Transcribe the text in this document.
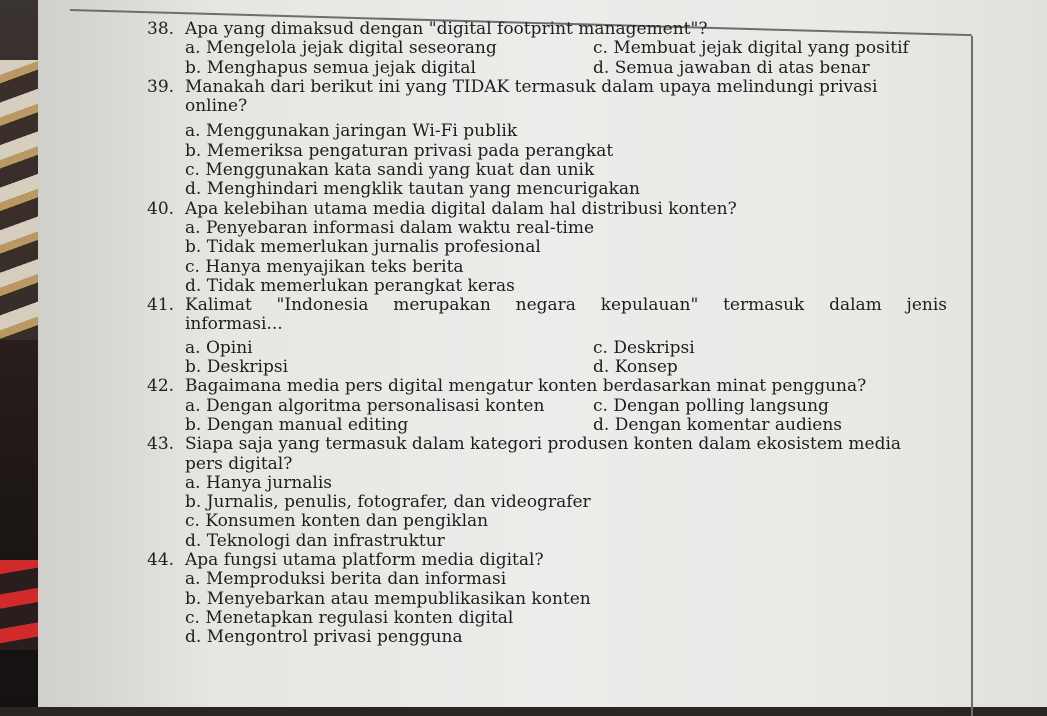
38. Apa yang dimaksud dengan "digital footprint management"?
a. Mengelola jejak digital seseorang	c. Membuat jejak digital yang positif
b. Menghapus semua jejak digital	d. Semua jawaban di atas benar
39. Manakah dari berikut ini yang TIDAK termasuk dalam upaya melindungi privasi
online?
a. Menggunakan jaringan Wi-Fi publik
b. Memeriksa pengaturan privasi pada perangkat
c. Menggunakan kata sandi yang kuat dan unik
d. Menghindari mengklik tautan yang mencurigakan
40. Apa kelebihan utama media digital dalam hal distribusi konten?
a. Penyebaran informasi dalam waktu real-time
b. Tidak memerlukan jurnalis profesional
c. Hanya menyajikan teks berita
d. Tidak memerlukan perangkat keras
41. Kalimat "Indonesia merupakan negara kepulauan" termasuk dalam jenis
informasi...
a. Opini	c. Deskripsi
b. Deskripsi	d. Konsep
42. Bagaimana media pers digital mengatur konten berdasarkan minat pengguna?
a. Dengan algoritma personalisasi konten	c. Dengan polling langsung
b. Dengan manual editing	d. Dengan komentar audiens
43. Siapa saja yang termasuk dalam kategori produsen konten dalam ekosistem media
pers digital?
a. Hanya jurnalis
b. Jurnalis, penulis, fotografer, dan videografer
c. Konsumen konten dan pengiklan
d. Teknologi dan infrastruktur
44. Apa fungsi utama platform media digital?
a. Memproduksi berita dan informasi
b. Menyebarkan atau mempublikasikan konten
c. Menetapkan regulasi konten digital
d. Mengontrol privasi pengguna
